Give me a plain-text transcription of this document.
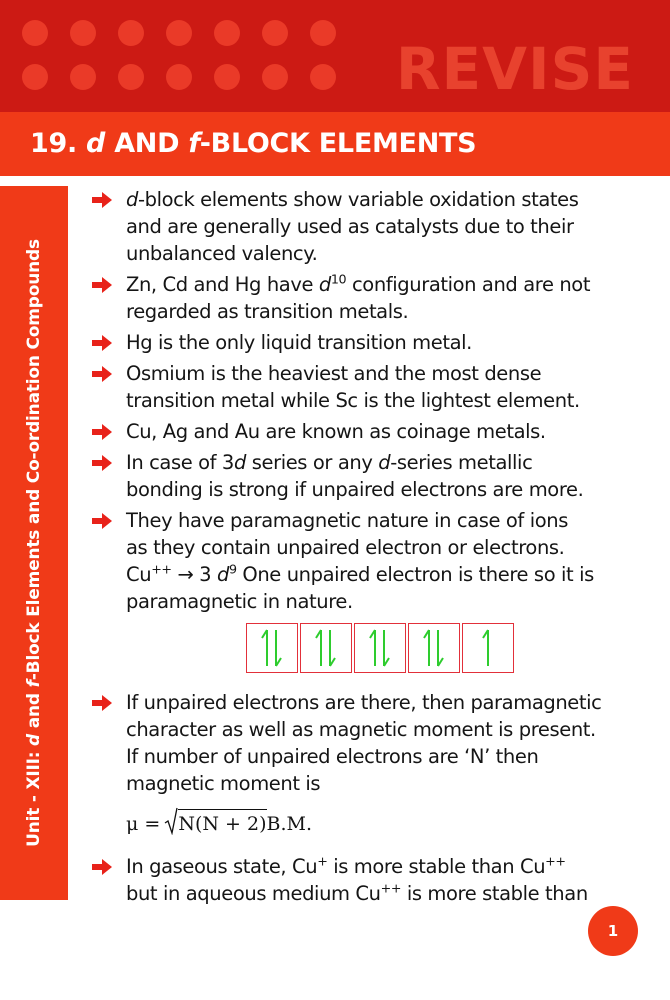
REVISE
19. d AND f-BLOCK ELEMENTS
Unit - XIII: d and f-Block Elements and Co-ordination Compounds
d-block elements show variable oxidation states
and are generally used as catalysts due to their
unbalanced valency.
Zn, Cd and Hg have $d^{10}$ configuration and are not
regarded as transition metals.
Hg is the only liquid transition metal.
Osmium is the heaviest and the most dense
transition metal while Sc is the lightest element.
Cu, Ag and Au are known as coinage metals.
In case of 3d series or any d-series metallic
bonding is strong if unpaired electrons are more.
They have paramagnetic nature in case of ions
as they contain unpaired electron or electrons.
Cu++ → 3 $d^9$ One unpaired electron is there so it is
paramagnetic in nature.
If unpaired electrons are there, then paramagnetic
character as well as magnetic moment is present.
If number of unpaired electrons are ‘N’ then
magnetic moment is
μ =
N(N + 2)B.M.
In gaseous state, Cu+ is more stable than Cu++
but in aqueous medium Cu++ is more stable than
1
